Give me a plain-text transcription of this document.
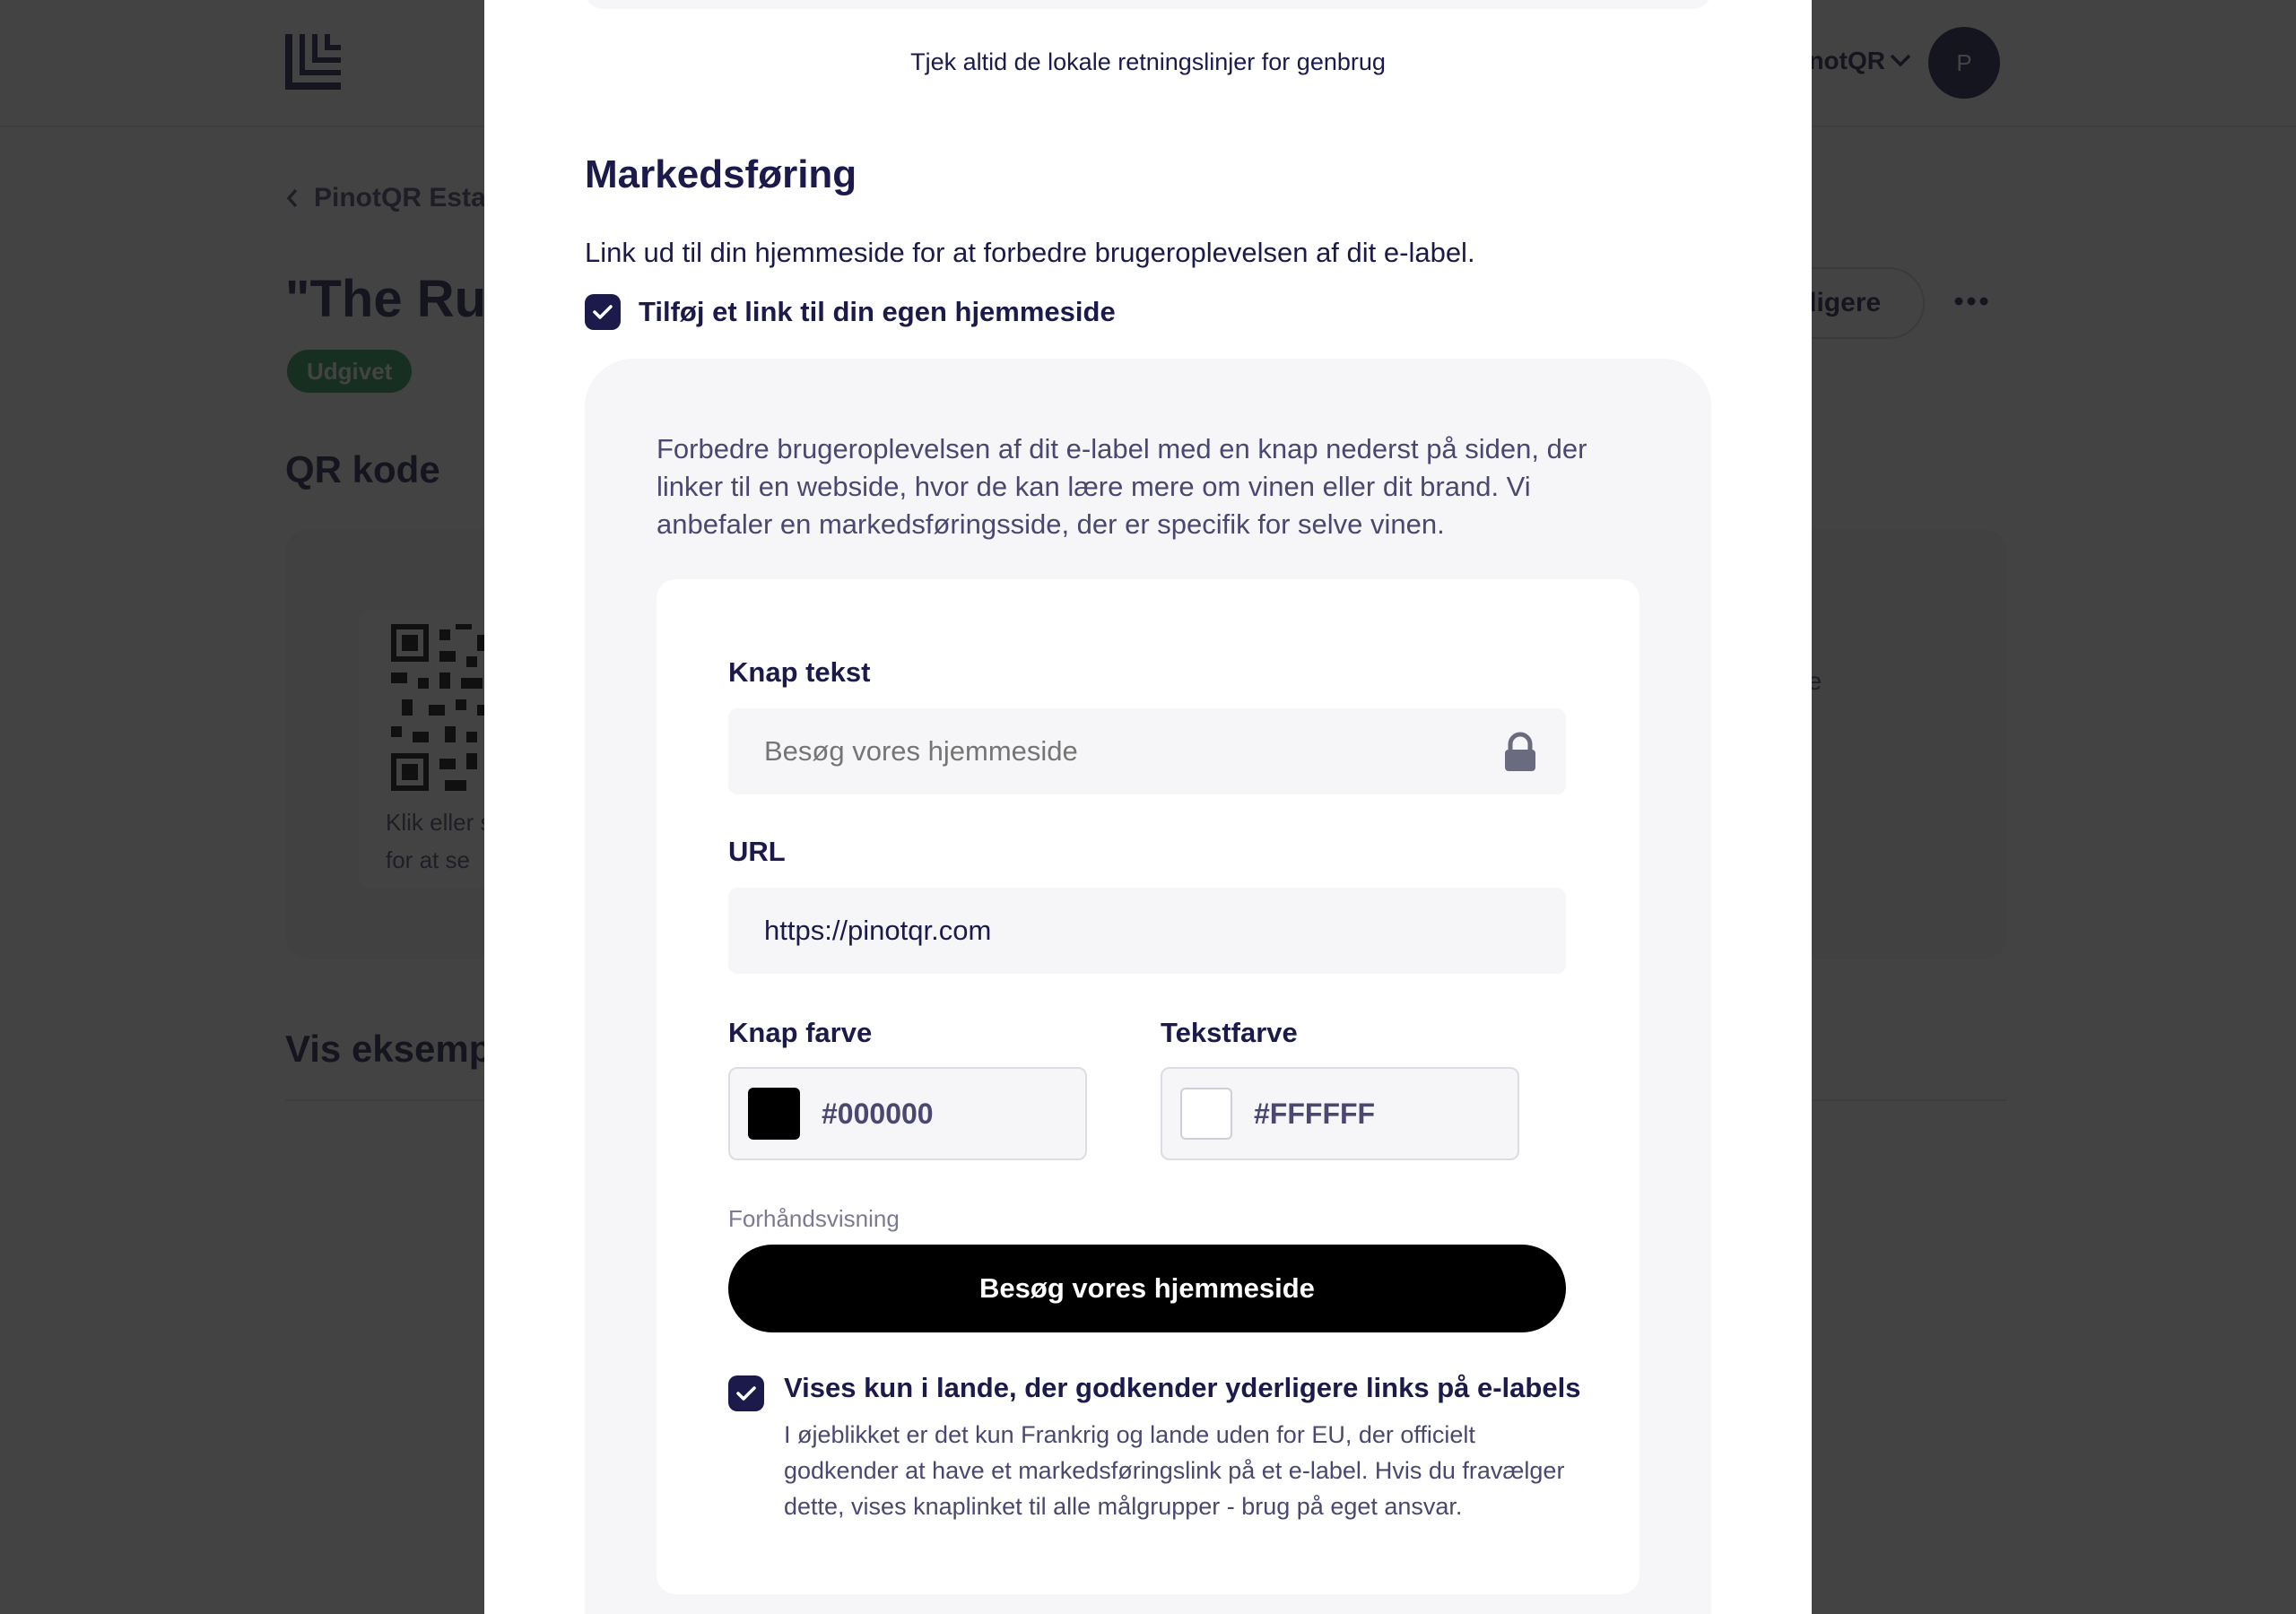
Tjek altid de lokale retningslinjer for genbrug
Markedsføring
Link ud til din hjemmeside for at forbedre brugeroplevelsen af dit e-label.
Tilføj et link til din egen hjemmeside
Forbedre brugeroplevelsen af dit e-label med en knap nederst på siden, der linker til en webside, hvor de kan lære mere om vinen eller dit brand. Vi anbefaler en markedsføringsside, der er specifik for selve vinen.
Knap tekst
Besøg vores hjemmeside
URL
https://pinotqr.com
Knap farve
#000000
Tekstfarve
#FFFFFF
Forhåndsvisning
Besøg vores hjemmeside
Vises kun i lande, der godkender yderligere links på e-labels
I øjeblikket er det kun Frankrig og lande uden for EU, der officielt godkender at have et markedsføringslink på et e-label. Hvis du fravælger dette, vises knaplinket til alle målgrupper - brug på eget ansvar.
